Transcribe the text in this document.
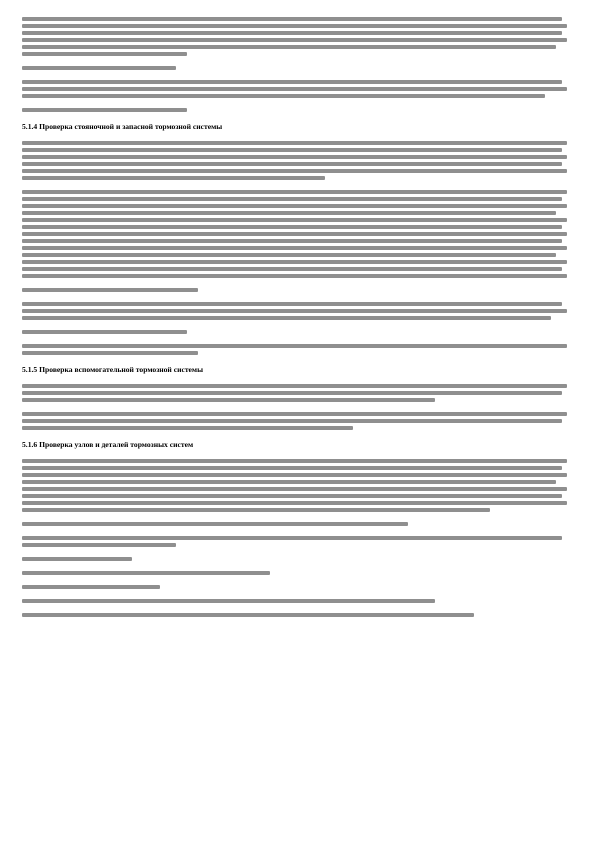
5.1.4 Проверка стояночной и запасной тормозной системы
5.1.5 Проверка вспомогательной тормозной системы
5.1.6 Проверка узлов и деталей тормозных систем
